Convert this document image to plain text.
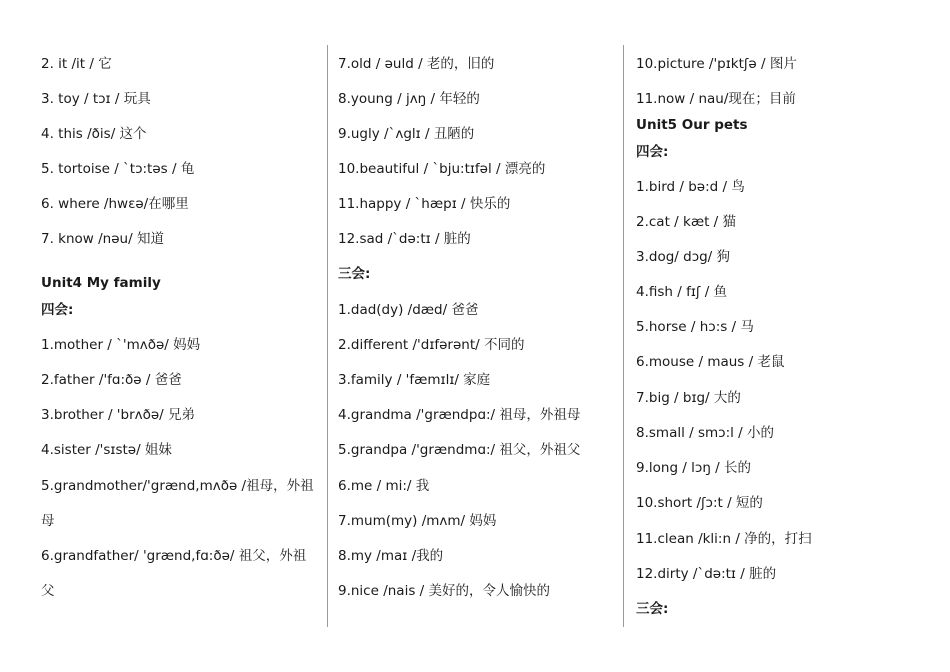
2. it /it / 它
3. toy / tɔɪ / 玩具
4. this /ðis/ 这个
5. tortoise / `tɔ:təs / 龟
6. where /hwεə/在哪里
7. know /nəu/ 知道
Unit4 My family
四会:
1.mother / `'mʌðə/ 妈妈
2.father /'fɑ:ðə / 爸爸
3.brother / 'brʌðə/ 兄弟
4.sister /'sɪstə/ 姐妹
5.grandmother/'grænd,mʌðə /祖母，外祖
母
6.grandfather/ 'grænd,fɑ:ðə/ 祖父，外祖
父
7.old / əuld / 老的，旧的
8.young / jʌŋ / 年轻的
9.ugly /`ʌglɪ / 丑陋的
10.beautiful / `bju:tɪfəl / 漂亮的
11.happy / `hæpɪ / 快乐的
12.sad /`də:tɪ / 脏的
三会:
1.dad(dy) /dæd/ 爸爸
2.different /'dɪfərənt/ 不同的
3.family / 'fæmɪlɪ/ 家庭
4.grandma /'grændpɑ:/ 祖母，外祖母
5.grandpa /'grændmɑ:/ 祖父，外祖父
6.me / mi:/ 我
7.mum(my) /mʌm/ 妈妈
8.my /maɪ /我的
9.nice /nais / 美好的，令人愉快的
10.picture /'pɪktʃə / 图片
11.now / nau/现在；目前
Unit5 Our pets
四会:
1.bird / bə:d / 鸟
2.cat / kæt / 猫
3.dog/ dɔg/ 狗
4.fish / fɪʃ / 鱼
5.horse / hɔ:s / 马
6.mouse / maus / 老鼠
7.big / bɪg/ 大的
8.small / smɔ:l / 小的
9.long / lɔŋ / 长的
10.short /ʃɔ:t / 短的
11.clean /kli:n / 净的，打扫
12.dirty /`də:tɪ / 脏的
三会:
